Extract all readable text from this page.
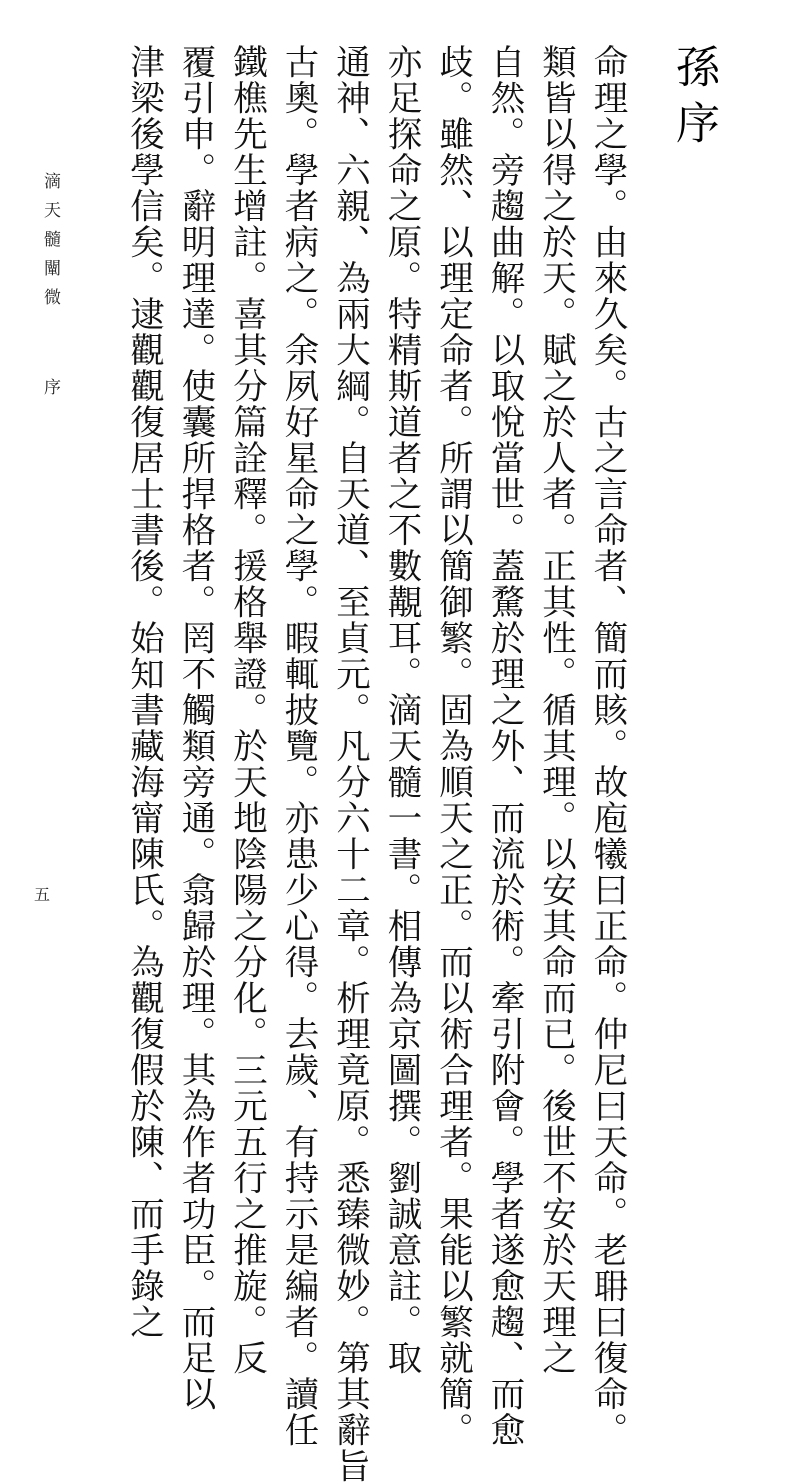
孫序
命理之學。由來久矣。古之言命者、簡而賅。故庖犧曰正命。仲尼曰天命。老耼曰復命。
類皆以得之於天。賦之於人者。正其性。循其理。以安其命而已。後世不安於天理之
自然。旁趨曲解。以取悅當世。蓋騖於理之外、而流於術。牽引附會。學者遂愈趨、而愈
歧。雖然、以理定命者。所謂以簡御繁。固為順天之正。而以術合理者。果能以繁就簡。
亦足探命之原。特精斯道者之不數覯耳。滴天髓一書。相傳為京圖撰。劉誠意註。取
通神、六親、為兩大綱。自天道、至貞元。凡分六十二章。析理竟原。悉臻微妙。第其辭旨
古奧。學者病之。余夙好星命之學。暇輒披覽。亦患少心得。去歲、有持示是編者。讀任
鐵樵先生增註。喜其分篇詮釋。援格舉證。於天地陰陽之分化。三元五行之推旋。反
覆引申。辭明理達。使囊所捍格者。罔不觸類旁通。翕歸於理。其為作者功臣。而足以
津梁後學信矣。逮觀觀復居士書後。始知書藏海甯陳氏。為觀復假於陳、而手錄之
滴天髓闡微
序
五
